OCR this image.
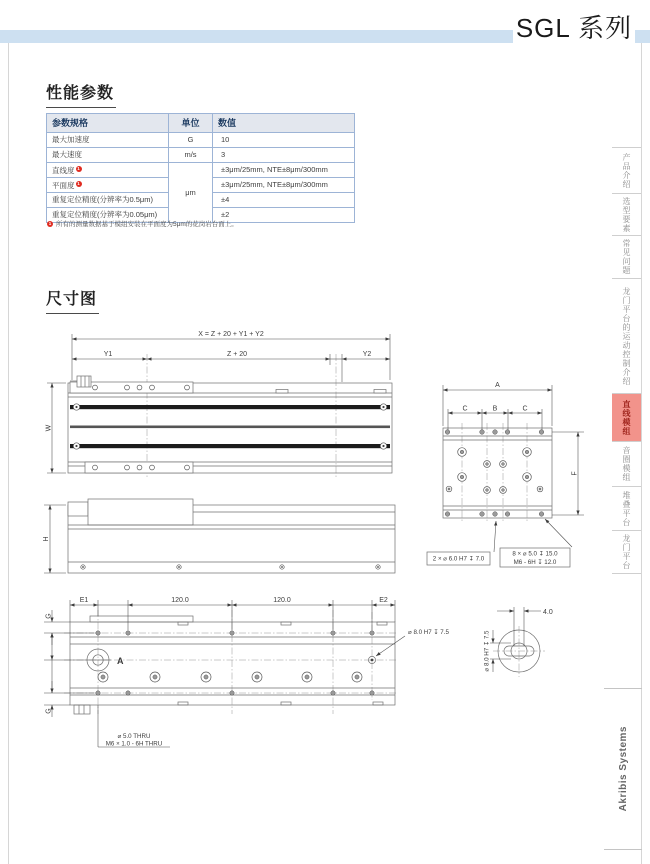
SGL 系列
性能参数
参数规格	单位	数值
最大加速度	G	10
最大速度	m/s	3
直线度 1	μm	±3μm/25mm, NTE±8μm/300mm
平面度 1		±3μm/25mm, NTE±8μm/300mm
重复定位精度(分辨率为0.5μm)		±4
重复定位精度(分辨率为0.05μm)		±2
1 所有的测量数据基于模组安装在平面度为5μm的花岗岩台面上。
尺寸图
X = Z + 20 + Y1 + Y2
Y1	Z + 20	Y2
W
H
A
C	B	C
F
2 × ⌀ 6.0 H7 ↧ 7.0
8 × ⌀ 5.0 ↧ 15.0
M6 - 6H ↧ 12.0
A
⌀ 8.0 H7 ↧ 7.5
E1	120.0	120.0	E2
G
G
⌀ 5.0 THRU
M6 × 1.0 - 6H THRU
4.0
⌀ 8.0 H7 ↧ 7.5
产品介绍
选型要素
常见问题
龙门平台的运动控制介绍
直线模组
音圈模组
堆叠平台
龙门平台
Akribis Systems
